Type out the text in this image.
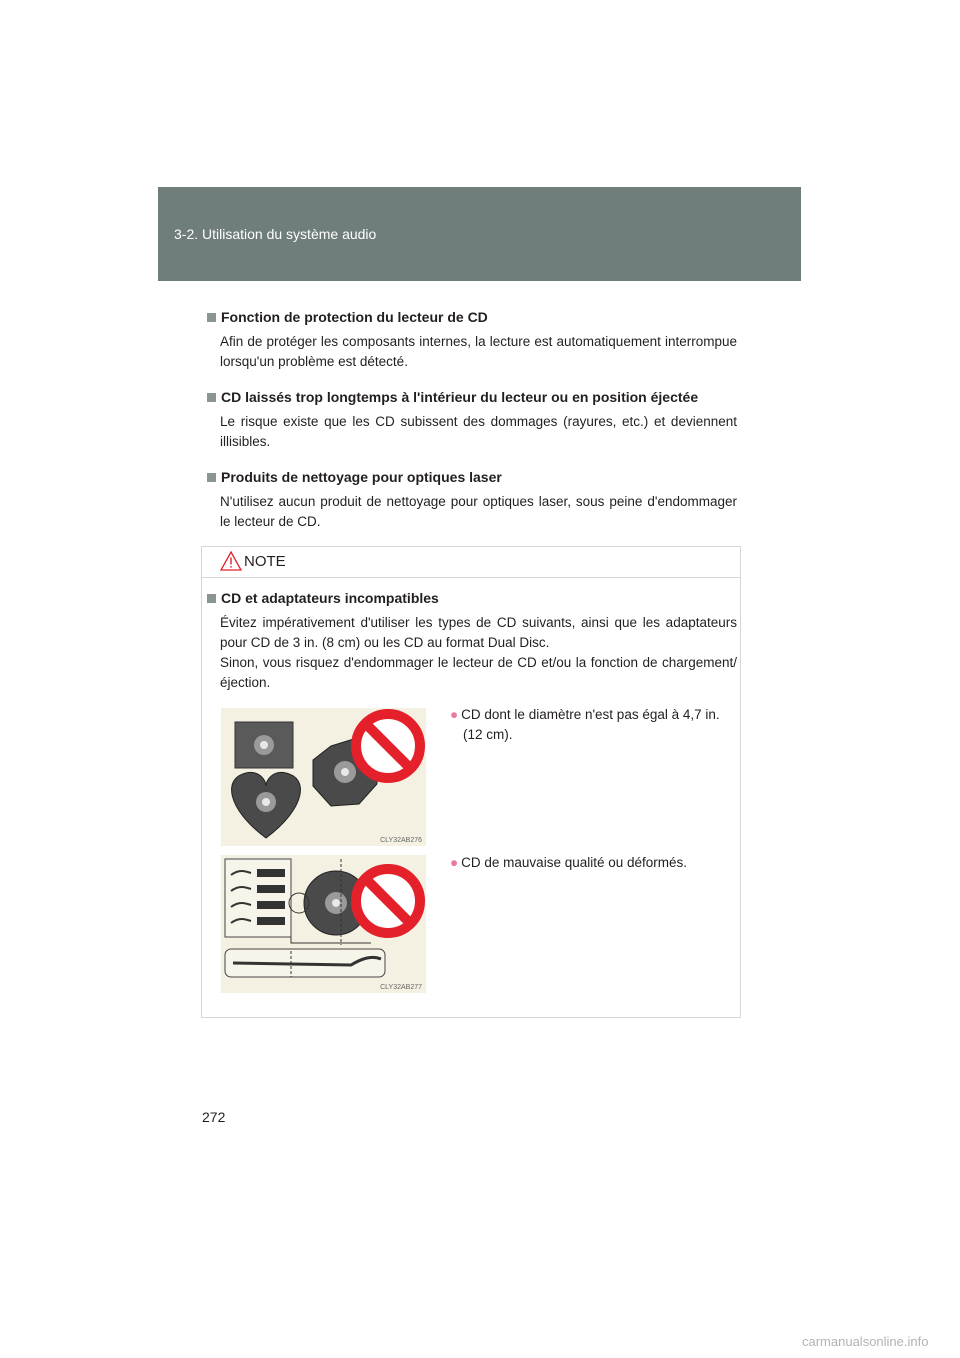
3-2. Utilisation du système audio
Fonction de protection du lecteur de CD
Afin de protéger les composants internes, la lecture est automatiquement interrompue lorsqu'un problème est détecté.
CD laissés trop longtemps à l'intérieur du lecteur ou en position éjectée
Le risque existe que les CD subissent des dommages (rayures, etc.) et deviennent illisibles.
Produits de nettoyage pour optiques laser
N'utilisez aucun produit de nettoyage pour optiques laser, sous peine d'endommager le lecteur de CD.
NOTE
CD et adaptateurs incompatibles
Évitez impérativement d'utiliser les types de CD suivants, ainsi que les adaptateurs pour CD de 3 in. (8 cm) ou les CD au format Dual Disc.
Sinon, vous risquez d'endommager le lecteur de CD et/ou la fonction de chargement/éjection.
CLY32AB276
CLY32AB277
● CD dont le diamètre n'est pas égal à 4,7 in.
(12 cm).
● CD de mauvaise qualité ou déformés.
272
carmanualsonline.info
